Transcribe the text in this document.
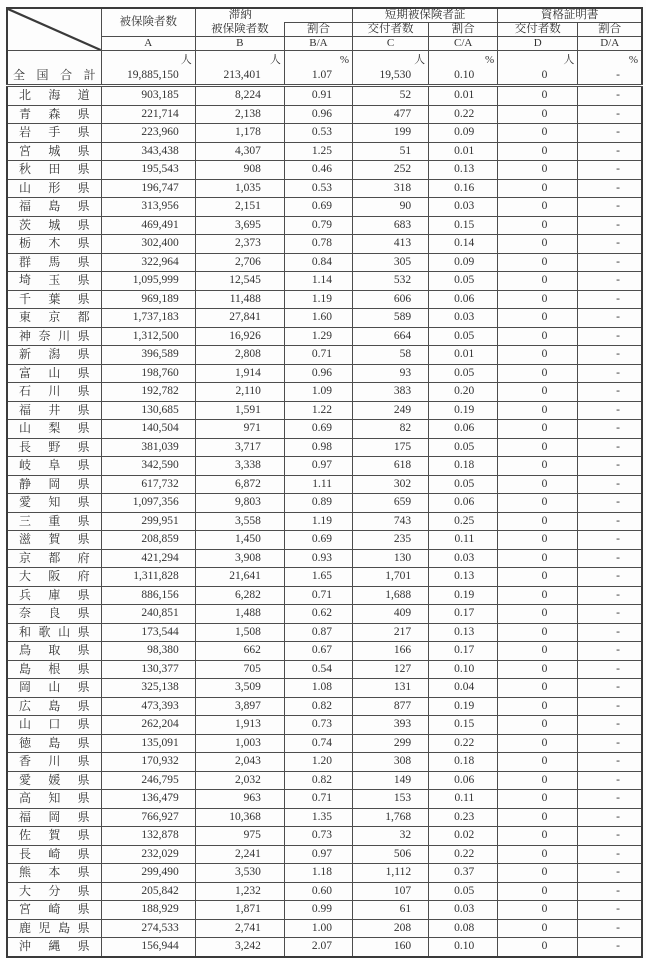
	被保険者数	滞納		短期被保険者証		資格証明書	
		被保険者数	割合	交付者数	割合	交付者数	割合
	A	B	B/A	C	C/A	D	D/A
	人	人	%	人	%	人	%

全 国 合 計	19,885,150	213,401	1.07	19,530	0.10	0	-

北 海 道	903,185	8,224	0.91	52	0.01	0	-

青 森 県	221,714	2,138	0.96	477	0.22	0	-

岩 手 県	223,960	1,178	0.53	199	0.09	0	-

宮 城 県	343,438	4,307	1.25	51	0.01	0	-

秋 田 県	195,543	908	0.46	252	0.13	0	-

山 形 県	196,747	1,035	0.53	318	0.16	0	-

福 島 県	313,956	2,151	0.69	90	0.03	0	-

茨 城 県	469,491	3,695	0.79	683	0.15	0	-

栃 木 県	302,400	2,373	0.78	413	0.14	0	-

群 馬 県	322,964	2,706	0.84	305	0.09	0	-

埼 玉 県	1,095,999	12,545	1.14	532	0.05	0	-

千 葉 県	969,189	11,488	1.19	606	0.06	0	-

東 京 都	1,737,183	27,841	1.60	589	0.03	0	-

神 奈 川 県	1,312,500	16,926	1.29	664	0.05	0	-

新 潟 県	396,589	2,808	0.71	58	0.01	0	-

富 山 県	198,760	1,914	0.96	93	0.05	0	-

石 川 県	192,782	2,110	1.09	383	0.20	0	-

福 井 県	130,685	1,591	1.22	249	0.19	0	-

山 梨 県	140,504	971	0.69	82	0.06	0	-

長 野 県	381,039	3,717	0.98	175	0.05	0	-

岐 阜 県	342,590	3,338	0.97	618	0.18	0	-

静 岡 県	617,732	6,872	1.11	302	0.05	0	-

愛 知 県	1,097,356	9,803	0.89	659	0.06	0	-

三 重 県	299,951	3,558	1.19	743	0.25	0	-

滋 賀 県	208,859	1,450	0.69	235	0.11	0	-

京 都 府	421,294	3,908	0.93	130	0.03	0	-

大 阪 府	1,311,828	21,641	1.65	1,701	0.13	0	-

兵 庫 県	886,156	6,282	0.71	1,688	0.19	0	-

奈 良 県	240,851	1,488	0.62	409	0.17	0	-

和 歌 山 県	173,544	1,508	0.87	217	0.13	0	-

鳥 取 県	98,380	662	0.67	166	0.17	0	-

島 根 県	130,377	705	0.54	127	0.10	0	-

岡 山 県	325,138	3,509	1.08	131	0.04	0	-

広 島 県	473,393	3,897	0.82	877	0.19	0	-

山 口 県	262,204	1,913	0.73	393	0.15	0	-

徳 島 県	135,091	1,003	0.74	299	0.22	0	-

香 川 県	170,932	2,043	1.20	308	0.18	0	-

愛 媛 県	246,795	2,032	0.82	149	0.06	0	-

高 知 県	136,479	963	0.71	153	0.11	0	-

福 岡 県	766,927	10,368	1.35	1,768	0.23	0	-

佐 賀 県	132,878	975	0.73	32	0.02	0	-

長 崎 県	232,029	2,241	0.97	506	0.22	0	-

熊 本 県	299,490	3,530	1.18	1,112	0.37	0	-

大 分 県	205,842	1,232	0.60	107	0.05	0	-

宮 崎 県	188,929	1,871	0.99	61	0.03	0	-

鹿 児 島 県	274,533	2,741	1.00	208	0.08	0	-

沖 縄 県	156,944	3,242	2.07	160	0.10	0	-
